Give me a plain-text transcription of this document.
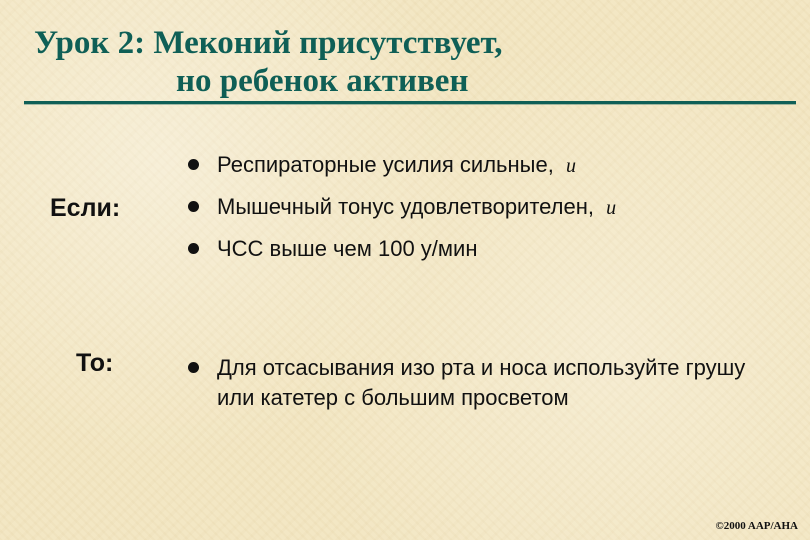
Урок 2: Меконий присутствует,
но ребенок активен
Если:
Респираторные усилия сильные, и
Мышечный тонус удовлетворителен, и
ЧСС выше чем 100 у/мин
То:	Для отсасывания изо рта и носа используйте грушу или катетер с большим просветом
©2000 AAP/AHA
